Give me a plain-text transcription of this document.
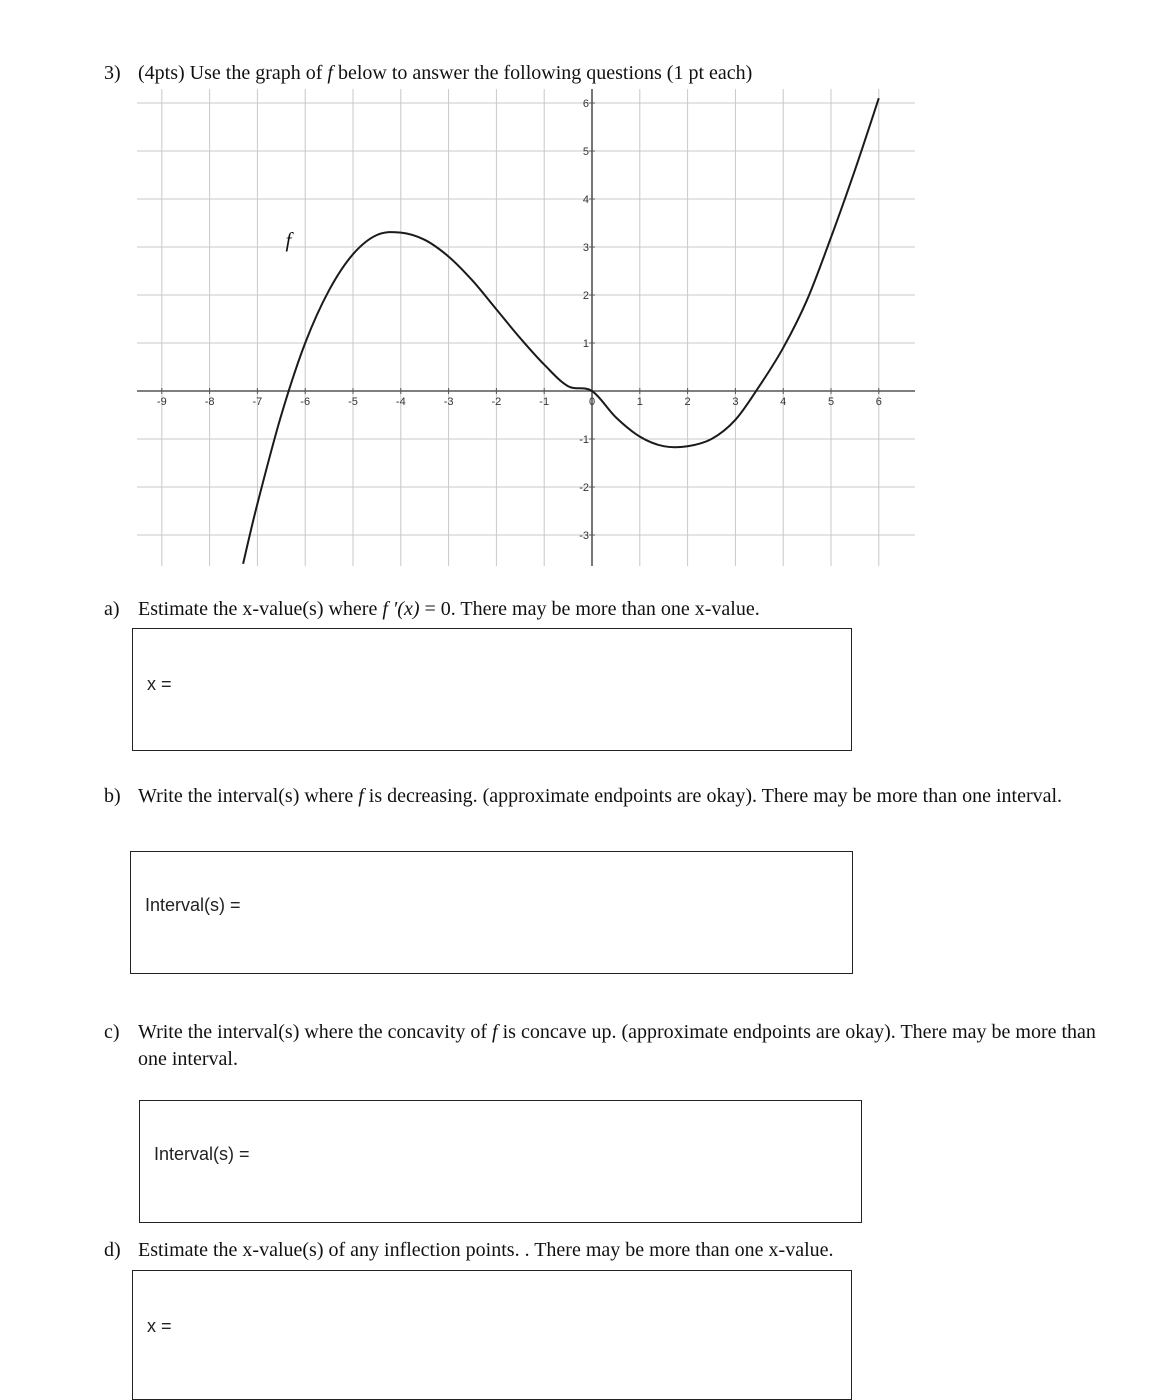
3) (4pts) Use the graph of f below to answer the following questions (1 pt each)
-9	-8	-7	-6	-5	-4	-3	-2	-1	0	1	2	3	4	5	6
6
5
4
3
2
1
-1
-2
-3
f
a) Estimate the x-value(s) where f ′(x) = 0. There may be more than one x-value.
x =
b) Write the interval(s) where f is decreasing. (approximate endpoints are okay). There may be more than one interval.
Interval(s) =
c) Write the interval(s) where the concavity of f is concave up. (approximate endpoints are okay). There may be more than one interval.
Interval(s) =
d) Estimate the x-value(s) of any inflection points. . There may be more than one x-value.
x =
